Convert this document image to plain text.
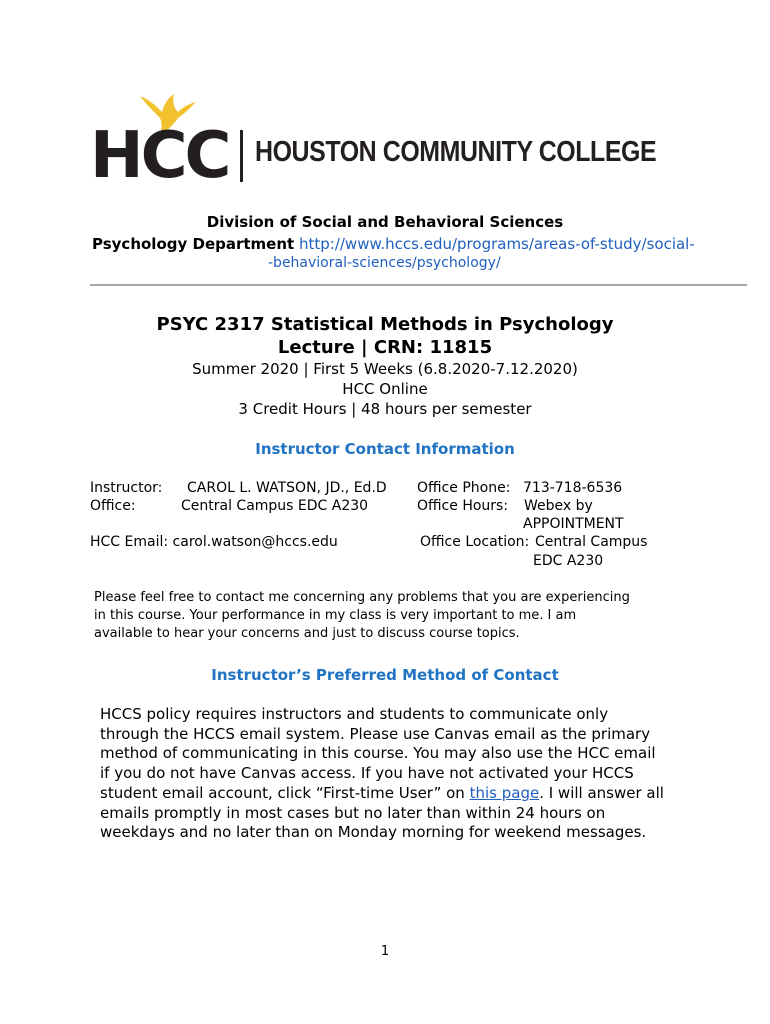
HCC HOUSTON COMMUNITY COLLEGE
Division of Social and Behavioral Sciences
Psychology Department http://www.hccs.edu/programs/areas-of-study/social-
-behavioral-sciences/psychology/
PSYC 2317 Statistical Methods in Psychology
Lecture | CRN: 11815
Summer 2020 | First 5 Weeks (6.8.2020-7.12.2020)
HCC Online
3 Credit Hours | 48 hours per semester
Instructor Contact Information
Instructor: CAROL L. WATSON, JD., Ed.D
Office:	Central Campus EDC A230
HCC Email: carol.watson@hccs.edu
Office Phone: 713-718-6536
Office Hours: Webex by
APPOINTMENT
Office Location: Central Campus
EDC A230
Please feel free to contact me concerning any problems that you are experiencing
in this course. Your performance in my class is very important to me. I am
available to hear your concerns and just to discuss course topics.
Instructor’s Preferred Method of Contact
HCCS policy requires instructors and students to communicate only
through the HCCS email system. Please use Canvas email as the primary
method of communicating in this course. You may also use the HCC email
if you do not have Canvas access. If you have not activated your HCCS
student email account, click “First-time User” on this page. I will answer all
emails promptly in most cases but no later than within 24 hours on
weekdays and no later than on Monday morning for weekend messages.
1
